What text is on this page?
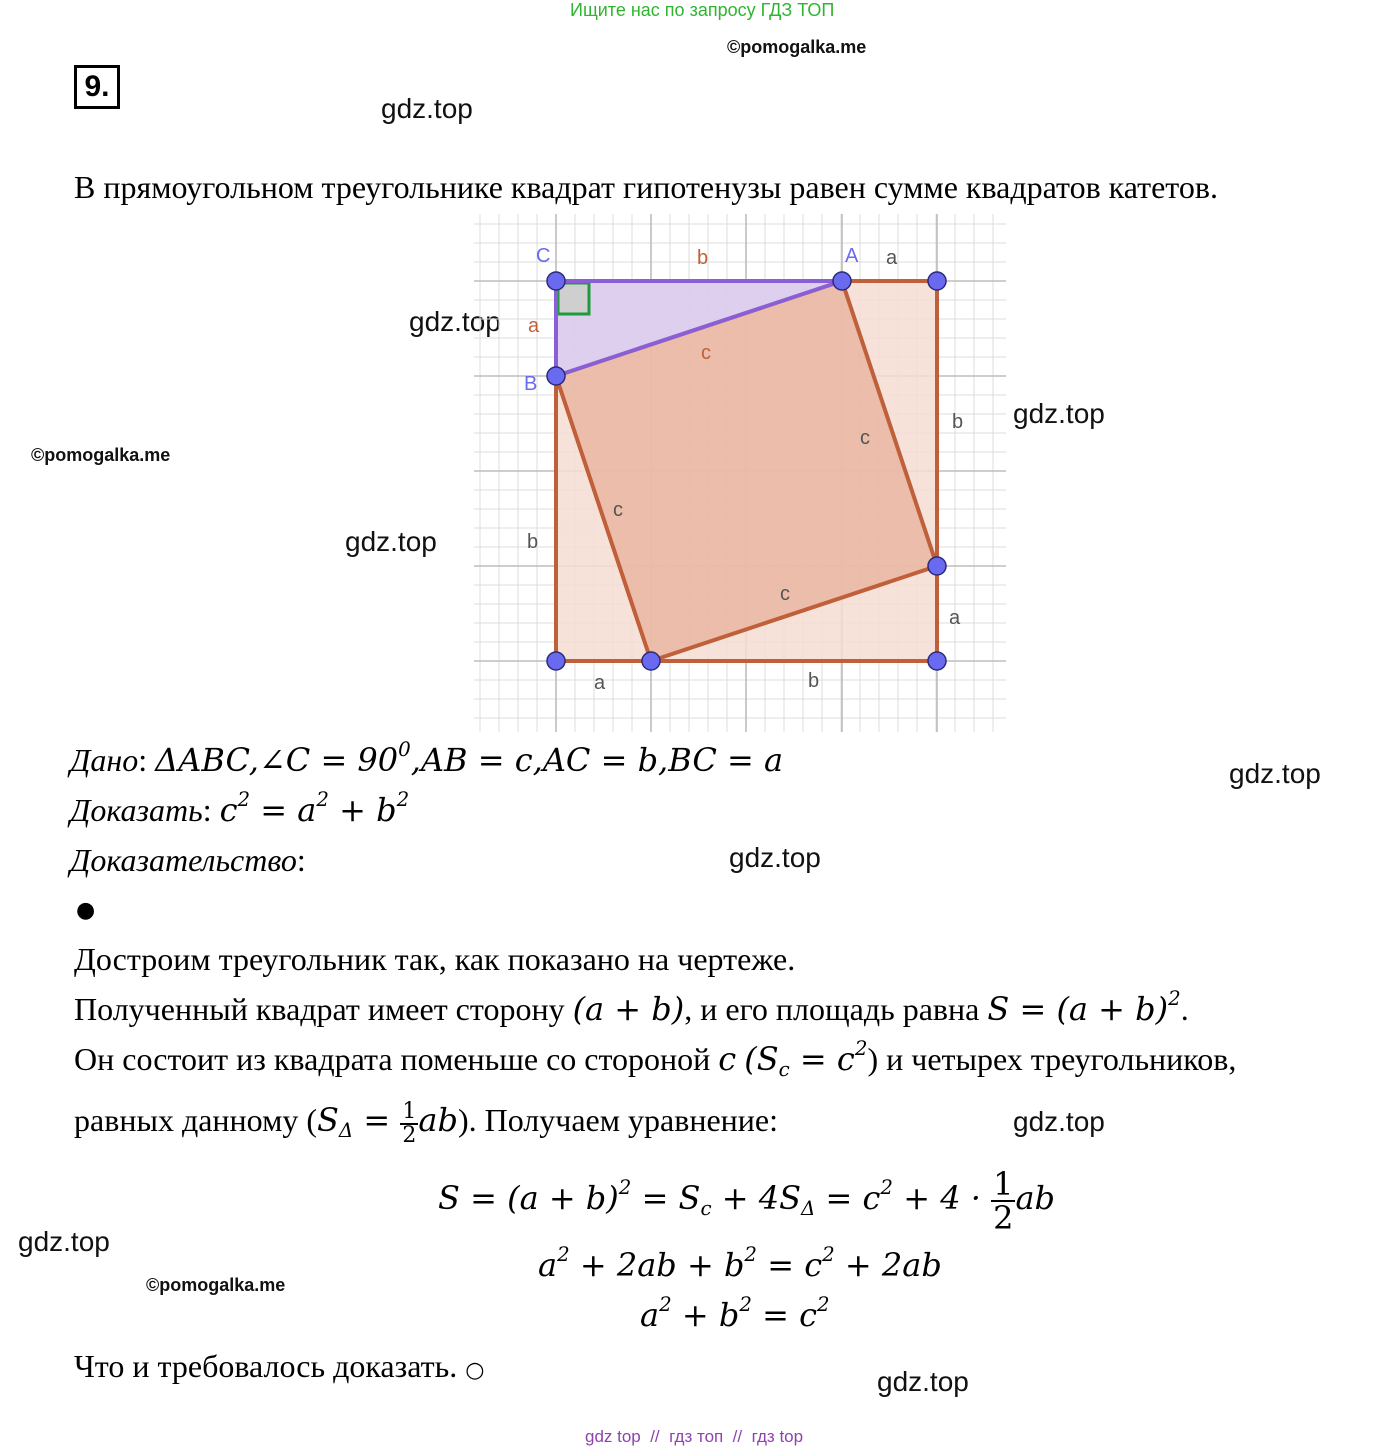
Ищите нас по запросу ГДЗ ТОП
©pomogalka.me
9.
gdz.top
gdz.top
gdz.top
gdz.top
gdz.top
gdz.top
gdz.top
gdz.top
gdz.top
©pomogalka.me
©pomogalka.me
В прямоугольном треугольнике квадрат гипотенузы равен сумме квадратов катетов.
C	A
B
b	a
a
c
b
c
c
b
c
a
a	b
Дано: ΔABC,∠C = $90^0,AB = c,AC = b,BC = a$
Доказать: $c^2 = a^2 + b^2$
Доказательство:
●
Достроим треугольник так, как показано на чертеже.
Полученный квадрат имеет сторону (a + b), и его площадь равна $S = (a + b)^2$.
Он состоит из квадрата поменьше со стороной c $(S_c = c^2)$ и четырех треугольников,
равных данному $(S_\Delta = \frac{1}{2} ab)$. Получаем уравнение:
$S = (a + b)^2 = S_c + 4S_\Delta = c^2 + 4 \cdot \frac{1}{2}$ ab
$a^2 + 2ab + b^2 = c^2 + 2ab$
$a^2 + b^2 = c^2$
Что и требовалось доказать. ○
gdz top  //  гдз топ  //  гдз top
